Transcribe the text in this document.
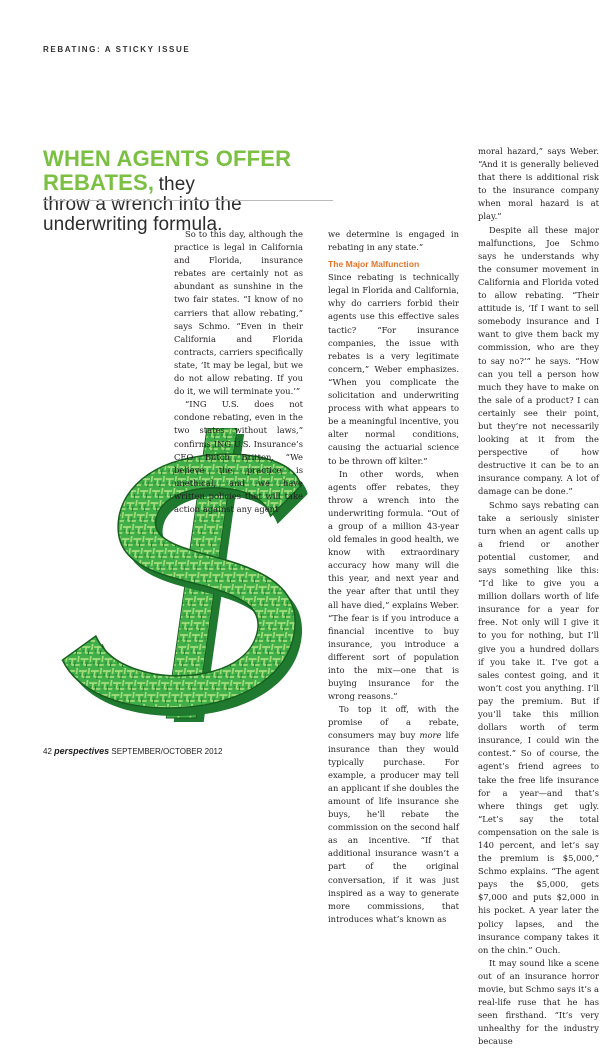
REBATING: A STICKY ISSUE
WHEN AGENTS OFFER REBATES, they
throw a wrench into the underwriting formula.

So to this day, although the practice is legal in California and Florida, insurance rebates are certainly not as abundant as sunshine in the two fair states. “I know of no carriers that allow rebating,” says Schmo. “Even in their California and Florida contracts, carriers specifically state, ‘It may be legal, but we do not allow rebating. If you do it, we will terminate you.’”

“ING U.S. does not condone rebating, even in the two states without laws,” confirms ING U.S. Insurance’s CEO Butch Britton. “We believe the practice is unethical, and we have written policies that will take action against any agent

we determine is engaged in rebating in any state.”

The Major Malfunction

Since rebating is technically legal in Florida and California, why do carriers forbid their agents use this effective sales tactic? “For insurance companies, the issue with rebates is a very legitimate concern,” Weber emphasizes. “When you complicate the solicitation and underwriting process with what appears to be a meaningful incentive, you alter normal conditions, causing the actuarial science to be thrown off kilter.”

In other words, when agents offer rebates, they throw a wrench into the underwriting formula. “Out of a group of a million 43-year old females in good health, we know with extraordinary accuracy how many will die this year, and next year and the year after that until they all have died,” explains Weber. “The fear is if you introduce a financial incentive to buy insurance, you introduce a different sort of population into the mix—one that is buying insurance for the wrong reasons.”

To top it off, with the promise of a rebate, consumers may buy more life insurance than they would typically purchase. For example, a producer may tell an applicant if she doubles the amount of life insurance she buys, he’ll rebate the commission on the second half as an incentive. “If that additional insurance wasn’t a part of the original conversation, if it was just inspired as a way to generate more commissions, that introduces what’s known as

moral hazard,” says Weber. “And it is generally believed that there is additional risk to the insurance company when moral hazard is at play.”

Despite all these major malfunctions, Joe Schmo says he understands why the consumer movement in California and Florida voted to allow rebating. “Their attitude is, ‘If I want to sell somebody insurance and I want to give them back my commission, who are they to say no?’” he says. “How can you tell a person how much they have to make on the sale of a product? I can certainly see their point, but they’re not necessarily looking at it from the perspective of how destructive it can be to an insurance company. A lot of damage can be done.”

Schmo says rebating can take a seriously sinister turn when an agent calls up a friend or another potential customer, and says something like this: “I’d like to give you a million dollars worth of life insurance for a year for free. Not only will I give it to you for nothing, but I’ll give you a hundred dollars if you take it. I’ve got a sales contest going, and it won’t cost you anything. I’ll pay the premium. But if you’ll take this million dollars worth of term insurance, I could win the contest.” So of course, the agent’s friend agrees to take the free life insurance for a year—and that’s where things get ugly. “Let’s say the total compensation on the sale is 140 percent, and let’s say the premium is $5,000,” Schmo explains. “The agent pays the $5,000, gets $7,000 and puts $2,000 in his pocket. A year later the policy lapses, and the insurance company takes it on the chin.” Ouch.

It may sound like a scene out of an insurance horror movie, but Schmo says it’s a real-life ruse that he has seen firsthand. “It’s very unhealthy for the industry because

42 perspectives SEPTEMBER/OCTOBER 2012
